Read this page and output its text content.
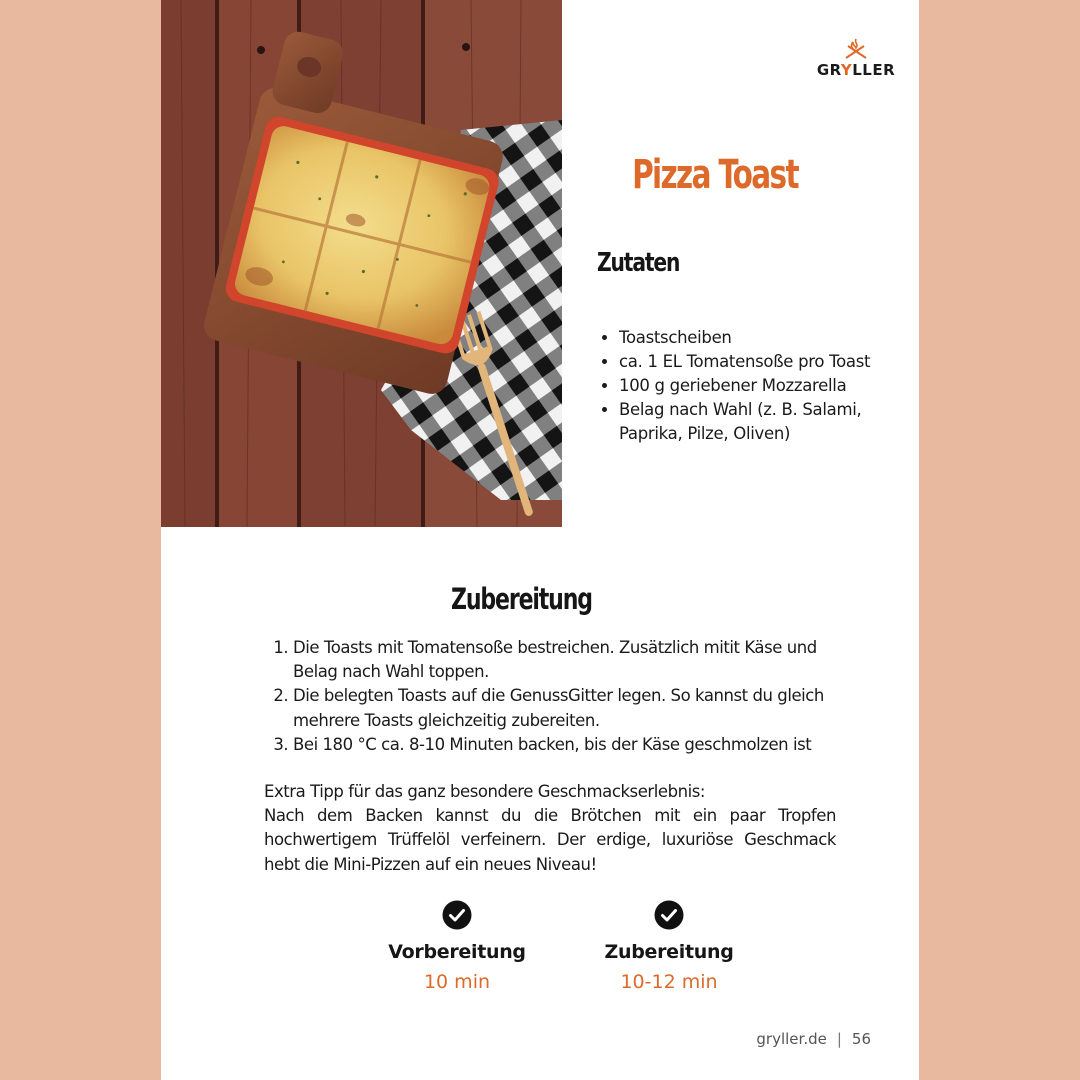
GRYLLER
Pizza Toast
Zutaten
• Toastscheiben
• ca. 1 EL Tomatensoße pro Toast
• 100 g geriebener Mozzarella
• Belag nach Wahl (z. B. Salami, Paprika, Pilze, Oliven)
Zubereitung
1. Die Toasts mit Tomatensoße bestreichen. Zusätzlich mitit Käse und Belag nach Wahl toppen.
2. Die belegten Toasts auf die GenussGitter legen. So kannst du gleich mehrere Toasts gleichzeitig zubereiten.
3. Bei 180 °C ca. 8-10 Minuten backen, bis der Käse geschmolzen ist

Extra Tipp für das ganz besondere Geschmackserlebnis:

Nach dem Backen kannst du die Brötchen mit ein paar Tropfen hochwertigem Trüffelöl verfeinern. Der erdige, luxuriöse Geschmack hebt die Mini-Pizzen auf ein neues Niveau!

Vorbereitung
10 min
Zubereitung
10-12 min
gryller.de | 56
